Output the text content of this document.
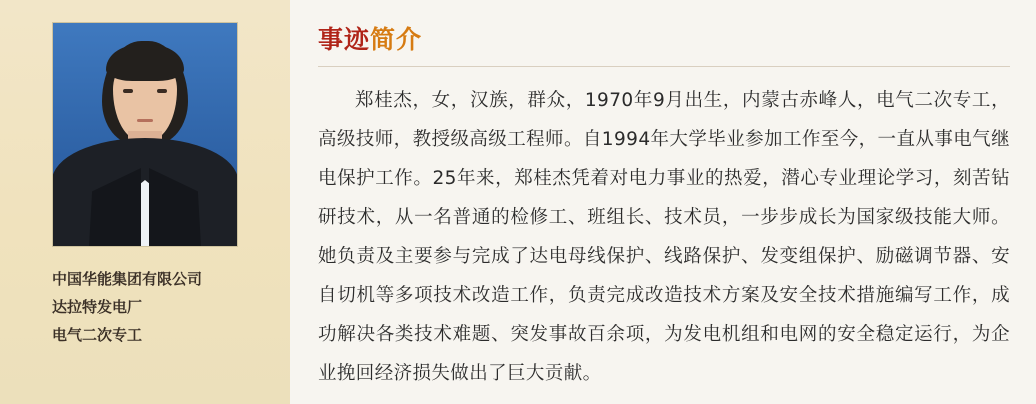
中国华能集团有限公司
达拉特发电厂
电气二次专工
事迹简介
郑桂杰，女，汉族，群众，1970年9月出生，内蒙古赤峰人，电气二次专工，高级技师，教授级高级工程师。自1994年大学毕业参加工作至今，一直从事电气继电保护工作。25年来，郑桂杰凭着对电力事业的热爱，潜心专业理论学习，刻苦钻研技术，从一名普通的检修工、班组长、技术员，一步步成长为国家级技能大师。她负责及主要参与完成了达电母线保护、线路保护、发变组保护、励磁调节器、安自切机等多项技术改造工作，负责完成改造技术方案及安全技术措施编写工作，成功解决各类技术难题、突发事故百余项，为发电机组和电网的安全稳定运行，为企业挽回经济损失做出了巨大贡献。
